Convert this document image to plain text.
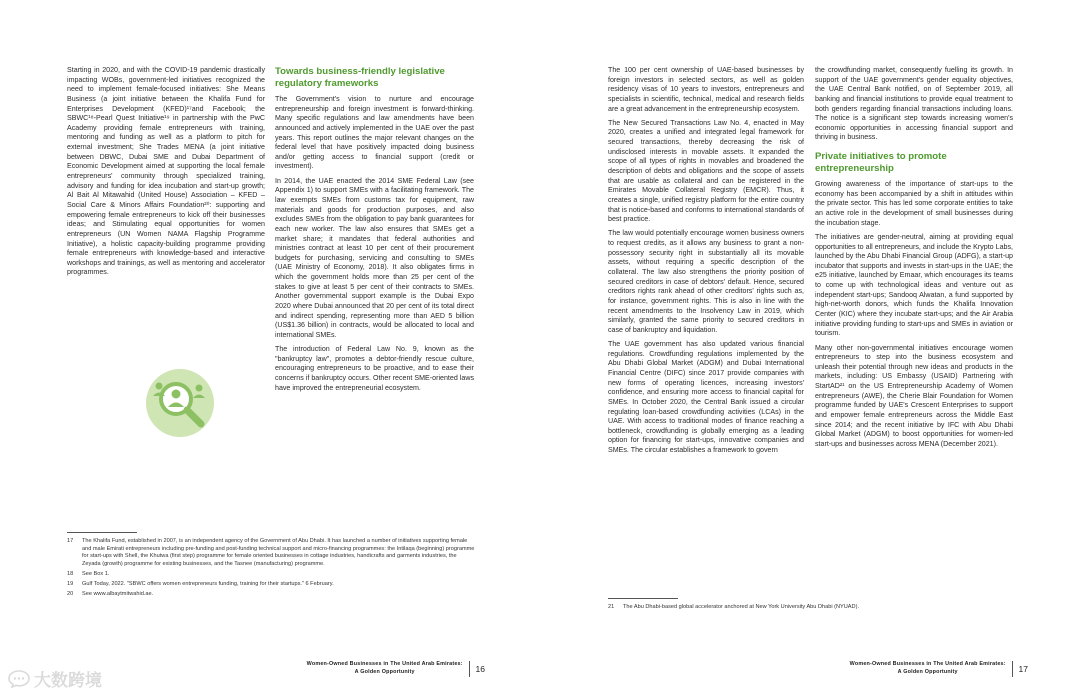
Starting in 2020, and with the COVID-19 pandemic drastically impacting WOBs, government-led initiatives recognized the need to implement female-focused initiatives: She Means Business (a joint initiative between the Khalifa Fund for Enterprises Development (KFED)¹⁷and Facebook; the SBWC¹⁸-Pearl Quest Initiative¹⁹ in partnership with the PwC Academy providing female entrepreneurs with training, mentoring and funding as well as a platform to pitch for external investment; She Trades MENA (a joint initiative between DBWC, Dubai SME and Dubai Department of Economic Development aimed at supporting the local female entrepreneurs' community through specialized training, advisory and funding for idea incubation and start-up growth; Al Bait Al Mitawahid (United House) Association – KFED – Social Care & Minors Affairs Foundation²⁰: supporting and empowering female entrepreneurs to kick off their businesses ideas; and Stimulating equal opportunities for women entrepreneurs (UN Women NAMA Flagship Programme Initiative), a holistic capacity-building programme providing female entrepreneurs with knowledge-based and interactive workshops and trainings, as well as mentoring and accelerator programmes.

Towards business-friendly legislative regulatory frameworks

The Government's vision to nurture and encourage entrepreneurship and foreign investment is forward-thinking. Many specific regulations and law amendments have been announced and actively implemented in the UAE over the past years. This report outlines the major relevant changes on the federal level that have positively impacted doing business and/or getting access to financial support (credit or investment).

In 2014, the UAE enacted the 2014 SME Federal Law (see Appendix 1) to support SMEs with a facilitating framework. The law exempts SMEs from customs tax for equipment, raw materials and goods for production purposes, and also excludes SMEs from the obligation to pay bank guarantees for each new worker. The law also ensures that SMEs get a market share; it mandates that federal authorities and ministries contract at least 10 per cent of their procurement budgets for purchasing, servicing and consulting to SMEs (UAE Ministry of Economy, 2018). It also obligates firms in which the government holds more than 25 per cent of the stakes to give at least 5 per cent of their contracts to SMEs. Another governmental support example is the Dubai Expo 2020 where Dubai announced that 20 per cent of its total direct and indirect spending, representing more than AED 5 billion (US$1.36 billion) in contracts, would be allocated to local and international SMEs.

The introduction of Federal Law No. 9, known as the "bankruptcy law", promotes a debtor-friendly rescue culture, encouraging entrepreneurs to be proactive, and to ease their concerns if bankruptcy occurs. Other recent SME-oriented laws have improved the entrepreneurial ecosystem.

17	The Khalifa Fund, established in 2007, is an independent agency of the Government of Abu Dhabi. It has launched a number of initiatives supporting female and male Emirati entrepreneurs including pre-funding and post-funding technical support and micro-financing programmes: the Intilaqa (beginning) programme for start-ups with Shell, the Khutwa (first step) programme for female oriented businesses in cottage industries, handicrafts and garments industries, the Zeyada (growth) programme for existing businesses, and the Tasnee (manufacturing) programme.
18	See Box 1.
19	Gulf Today, 2022. "SBWC offers women entrepreneurs funding, training for their startups." 6 February.
20	See www.albaytmitwahid.ae.
Women-Owned Businesses in The United Arab Emirates:
A Golden Opportunity	16
大数跨境

The 100 per cent ownership of UAE-based businesses by foreign investors in selected sectors, as well as golden residency visas of 10 years to investors, entrepreneurs and specialists in scientific, technical, medical and research fields are a great advancement in the entrepreneurship ecosystem.

The New Secured Transactions Law No. 4, enacted in May 2020, creates a unified and integrated legal framework for secured transactions, thereby decreasing the risk of undisclosed interests in movable assets. It expanded the scope of all types of rights in movables and broadened the description of debts and obligations and the scope of assets that are usable as collateral and can be registered in the Emirates Movable Collateral Registry (EMCR). Thus, it creates a single, unified registry platform for the entire country that is notice-based and conforms to international standards of best practice.

The law would potentially encourage women business owners to request credits, as it allows any business to grant a non-possessory security right in substantially all its movable assets, without requiring a specific description of the collateral. The law also strengthens the priority position of secured creditors in case of debtors' default. Hence, secured creditors rights rank ahead of other creditors' rights such as, for instance, government rights. This is also in line with the recent amendments to the Insolvency Law in 2019, which similarly, granted the same priority to secured creditors in case of bankruptcy and liquidation.

The UAE government has also updated various financial regulations. Crowdfunding regulations implemented by the Abu Dhabi Global Market (ADGM) and Dubai International Financial Centre (DIFC) since 2017 provide companies with new forms of operating licences, increasing investors' confidence, and ensuring more access to financial capital for SMEs. In October 2020, the Central Bank issued a circular regulating loan-based crowdfunding activities (LCAs) in the UAE. With access to traditional modes of finance reaching a bottleneck, crowdfunding is globally emerging as a leading option for financing for start-ups, innovative companies and SMEs. The circular establishes a framework to govern

the crowdfunding market, consequently fuelling its growth. In support of the UAE government's gender equality objectives, the UAE Central Bank notified, on of September 2019, all banking and financial institutions to provide equal treatment to both genders regarding financial transactions including loans. The notice is a significant step towards increasing women's economic opportunities in accessing financial support and thriving in business.

Private initiatives to promote entrepreneurship

Growing awareness of the importance of start-ups to the economy has been accompanied by a shift in attitudes within the private sector. This has led some corporate entities to take an active role in the development of small businesses during the incubation stage.

The initiatives are gender-neutral, aiming at providing equal opportunities to all entrepreneurs, and include the Krypto Labs, launched by the Abu Dhabi Financial Group (ADFG), a start-up incubator that supports and invests in start-ups in the UAE; the e25 initiative, launched by Emaar, which encourages its teams to come up with technological ideas and venture out as independent start-ups; Sandooq Alwatan, a fund supported by high-net-worth donors, which funds the Khalifa Innovation Center (KIC) where they incubate start-ups; and the Air Arabia initiative providing funding to start-ups and SMEs in aviation or tourism.

Many other non-governmental initiatives encourage women entrepreneurs to step into the business ecosystem and unleash their potential through new ideas and products in the markets, including: US Embassy (USAID) Partnering with StartAD²¹ on the US Entrepreneurship Academy of Women entrepreneurs (AWE), the Cherie Blair Foundation for Women programme funded by UAE's Crescent Enterprises to support and empower female entrepreneurs across the Middle East since 2014; and the recent initiative by IFC with Abu Dhabi Global Market (ADGM) to boost opportunities for women-led start-ups and businesses across MENA (December 2021).

21	The Abu Dhabi-based global accelerator anchored at New York University Abu Dhabi (NYUAD).
Women-Owned Businesses in The United Arab Emirates:
A Golden Opportunity	17
